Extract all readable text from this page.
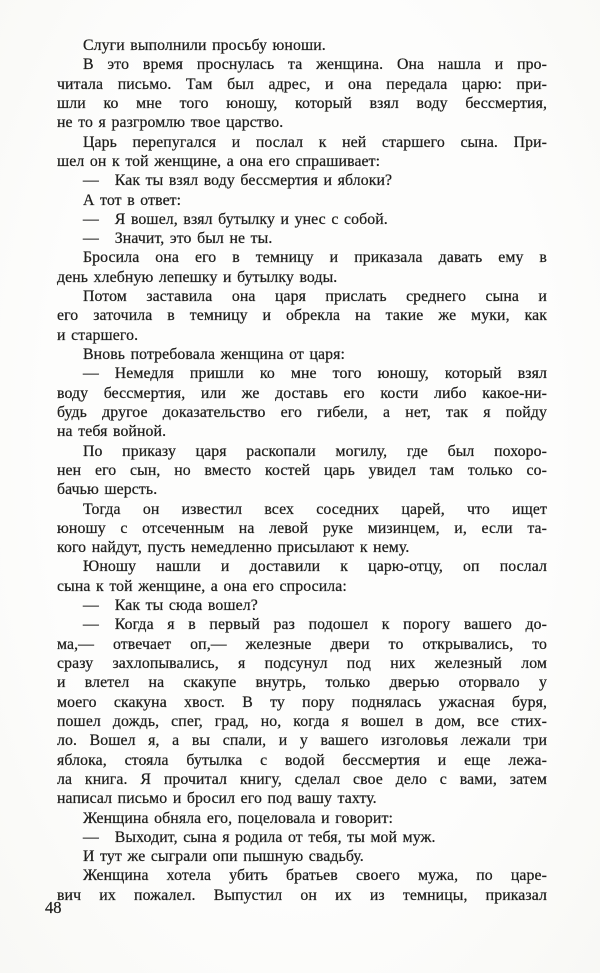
Слуги выполнили просьбу юноши.
В это время проснулась та женщина. Она нашла и про-
читала письмо. Там был адрес, и она передала царю: при-
шли ко мне того юношу, который взял воду бессмертия,
не то я разгромлю твое царство.
Царь перепугался и послал к ней старшего сына. При-
шел он к той женщине, а она его спрашивает:
— Как ты взял воду бессмертия и яблоки?
А тот в ответ:
— Я вошел, взял бутылку и унес с собой.
— Значит, это был не ты.
Бросила она его в темницу и приказала давать ему в
день хлебную лепешку и бутылку воды.
Потом заставила она царя прислать среднего сына и
его заточила в темницу и обрекла на такие же муки, как
и старшего.
Вновь потребовала женщина от царя:
— Немедля пришли ко мне того юношу, который взял
воду бессмертия, или же доставь его кости либо какое-ни-
будь другое доказательство его гибели, а нет, так я пойду
на тебя войной.
По приказу царя раскопали могилу, где был похоро-
нен его сын, но вместо костей царь увидел там только со-
бачью шерсть.
Тогда он известил всех соседних царей, что ищет
юношу с отсеченным на левой руке мизинцем, и, если та-
кого найдут, пусть немедленно присылают к нему.
Юношу нашли и доставили к царю-отцу, оп послал
сына к той женщине, а она его спросила:
— Как ты сюда вошел?
— Когда я в первый раз подошел к порогу вашего до-
ма,— отвечает оп,— железные двери то открывались, то
сразу захлопывались, я подсунул под них железный лом
и влетел на скакупе внутрь, только дверью оторвало у
моего скакуна хвост. В ту пору поднялась ужасная буря,
пошел дождь, спег, град, но, когда я вошел в дом, все стих-
ло. Вошел я, а вы спали, и у вашего изголовья лежали три
яблока, стояла бутылка с водой бессмертия и еще лежа-
ла книга. Я прочитал книгу, сделал свое дело с вами, затем
написал письмо и бросил его под вашу тахту.
Женщина обняла его, поцеловала и говорит:
— Выходит, сына я родила от тебя, ты мой муж.
И тут же сыграли опи пышную свадьбу.
Женщина хотела убить братьев своего мужа, по царе-
вич их пожалел. Выпустил он их из темницы, приказал
48
